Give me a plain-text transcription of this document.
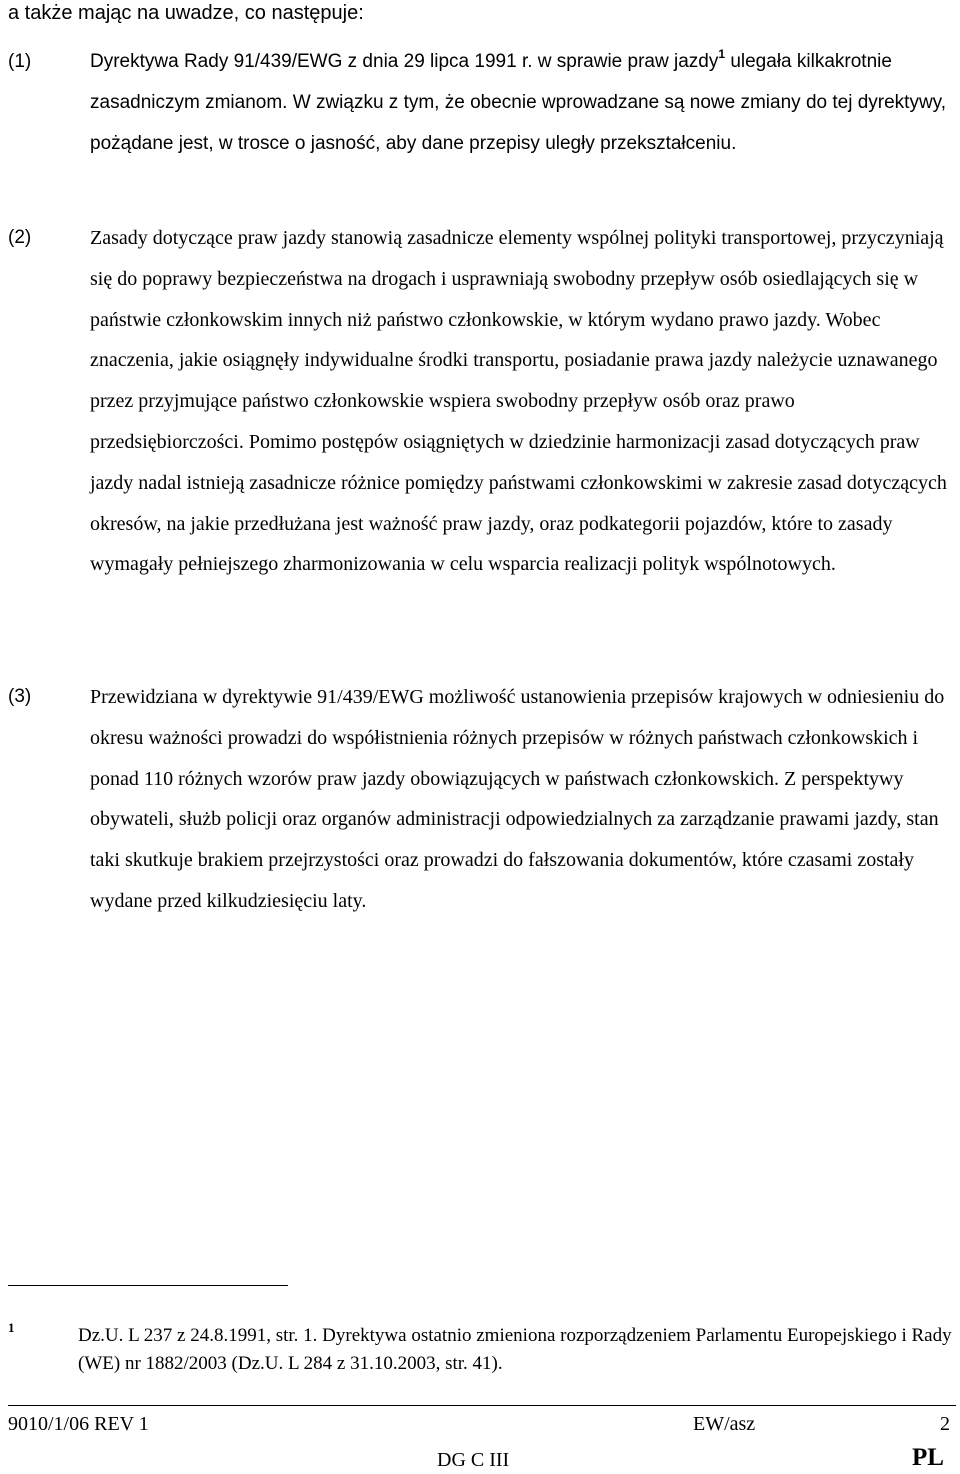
a także mając na uwadze, co następuje:

(1)	Dyrektywa Rady 91/439/EWG z dnia 29 lipca 1991 r. w sprawie praw jazdy$^1$ ulegała kilkakrotnie zasadniczym zmianom. W związku z tym, że obecnie wprowadzane są nowe zmiany do tej dyrektywy, pożądane jest, w trosce o jasność, aby dane przepisy uległy przekształceniu.

(2)	Zasady dotyczące praw jazdy stanowią zasadnicze elementy wspólnej polityki transportowej, przyczyniają się do poprawy bezpieczeństwa na drogach i usprawniają swobodny przepływ osób osiedlających się w państwie członkowskim innych niż państwo członkowskie, w którym wydano prawo jazdy. Wobec znaczenia, jakie osiągnęły indywidualne środki transportu, posiadanie prawa jazdy należycie uznawanego przez przyjmujące państwo członkowskie wspiera swobodny przepływ osób oraz prawo przedsiębiorczości. Pomimo postępów osiągniętych w dziedzinie harmonizacji zasad dotyczących praw jazdy nadal istnieją zasadnicze różnice pomiędzy państwami członkowskimi w zakresie zasad dotyczących okresów, na jakie przedłużana jest ważność praw jazdy, oraz podkategorii pojazdów, które to zasady wymagały pełniejszego zharmonizowania w celu wsparcia realizacji polityk wspólnotowych.

(3)	Przewidziana w dyrektywie 91/439/EWG możliwość ustanowienia przepisów krajowych w odniesieniu do okresu ważności prowadzi do współistnienia różnych przepisów w różnych państwach członkowskich i ponad 110 różnych wzorów praw jazdy obowiązujących w państwach członkowskich. Z perspektywy obywateli, służb policji oraz organów administracji odpowiedzialnych za zarządzanie prawami jazdy, stan taki skutkuje brakiem przejrzystości oraz prowadzi do fałszowania dokumentów, które czasami zostały wydane przed kilkudziesięciu laty.

1	Dz.U. L 237 z 24.8.1991, str. 1. Dyrektywa ostatnio zmieniona rozporządzeniem Parlamentu Europejskiego i Rady (WE) nr 1882/2003 (Dz.U. L 284 z 31.10.2003, str. 41).
9010/1/06 REV 1	EW/asz	2
DG C III	PL
